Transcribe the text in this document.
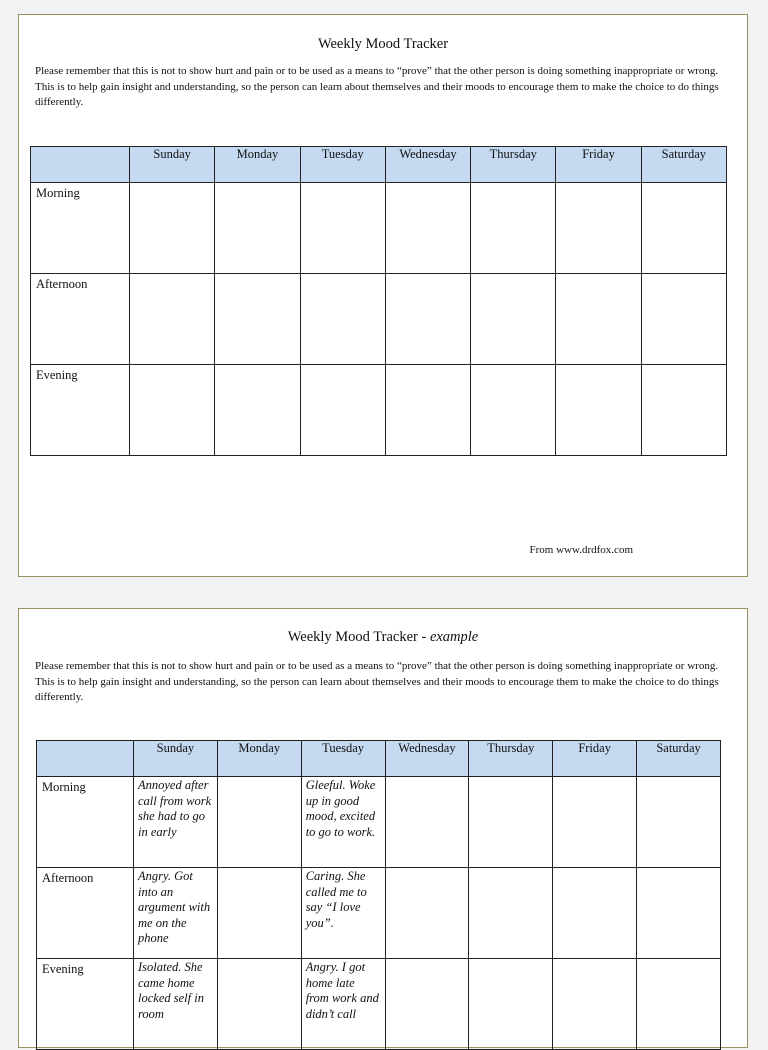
Weekly Mood Tracker
Please remember that this is not to show hurt and pain or to be used as a means to “prove” that the other person is doing something inappropriate or wrong. This is to help gain insight and understanding, so the person can learn about themselves and their moods to encourage them to make the choice to do things differently.

	Sunday	Monday	Tuesday	Wednesday	Thursday	Friday	Saturday

Morning							
Afternoon							
Evening							
From www.drdfox.com
Weekly Mood Tracker - example
Please remember that this is not to show hurt and pain or to be used as a means to “prove” that the other person is doing something inappropriate or wrong. This is to help gain insight and understanding, so the person can learn about themselves and their moods to encourage them to make the choice to do things differently.

	Sunday	Monday	Tuesday	Wednesday	Thursday	Friday	Saturday

Morning	Annoyed after call from work she had to go in early		Gleeful. Woke up in good mood, excited to go to work.				

Afternoon	Angry. Got into an argument with me on the phone		Caring. She called me to say “I love you”.				

Evening	Isolated. She came home locked self in room		Angry. I got home late from work and didn’t call				
